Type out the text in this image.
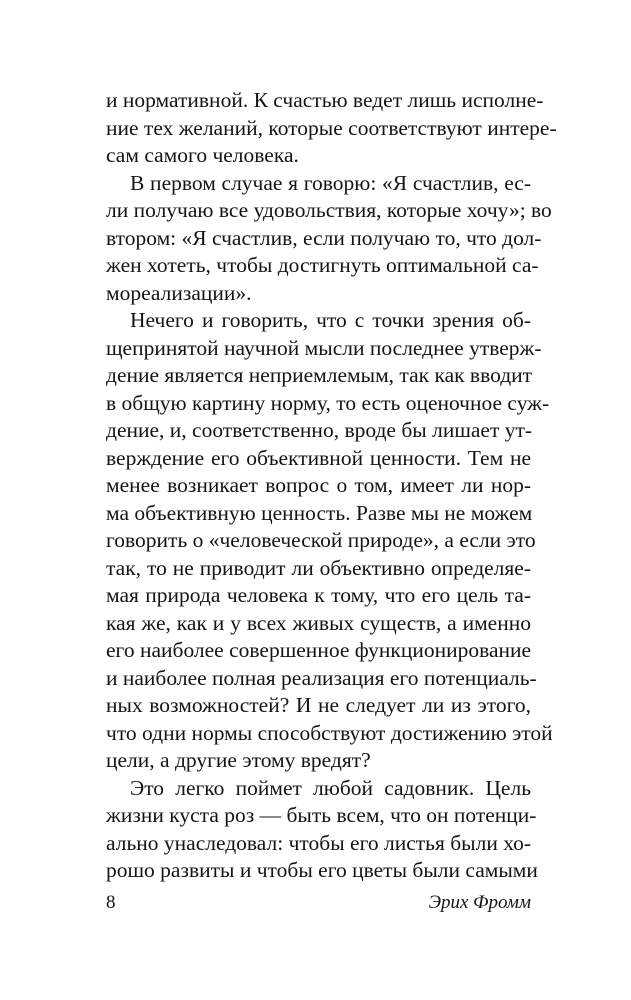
и нормативной. К счастью ведет лишь исполне-
ние тех желаний, которые соответствуют интере-
сам самого человека.
В первом случае я говорю: «Я счастлив, ес-
ли получаю все удовольствия, которые хочу»; во
втором: «Я счастлив, если получаю то, что дол-
жен хотеть, чтобы достигнуть оптимальной са-
мореализации».
Нечего и говорить, что с точки зрения об-
щепринятой научной мысли последнее утверж-
дение является неприемлемым, так как вводит
в общую картину норму, то есть оценочное суж-
дение, и, соответственно, вроде бы лишает ут-
верждение его объективной ценности. Тем не
менее возникает вопрос о том, имеет ли нор-
ма объективную ценность. Разве мы не можем
говорить о «человеческой природе», а если это
так, то не приводит ли объективно определяе-
мая природа человека к тому, что его цель та-
кая же, как и у всех живых существ, а именно
его наиболее совершенное функционирование
и наиболее полная реализация его потенциаль-
ных возможностей? И не следует ли из этого,
что одни нормы способствуют достижению этой
цели, а другие этому вредят?
Это легко поймет любой садовник. Цель
жизни куста роз — быть всем, что он потенци-
ально унаследовал: чтобы его листья были хо-
рошо развиты и чтобы его цветы были самыми
8	Эрих Фромм
